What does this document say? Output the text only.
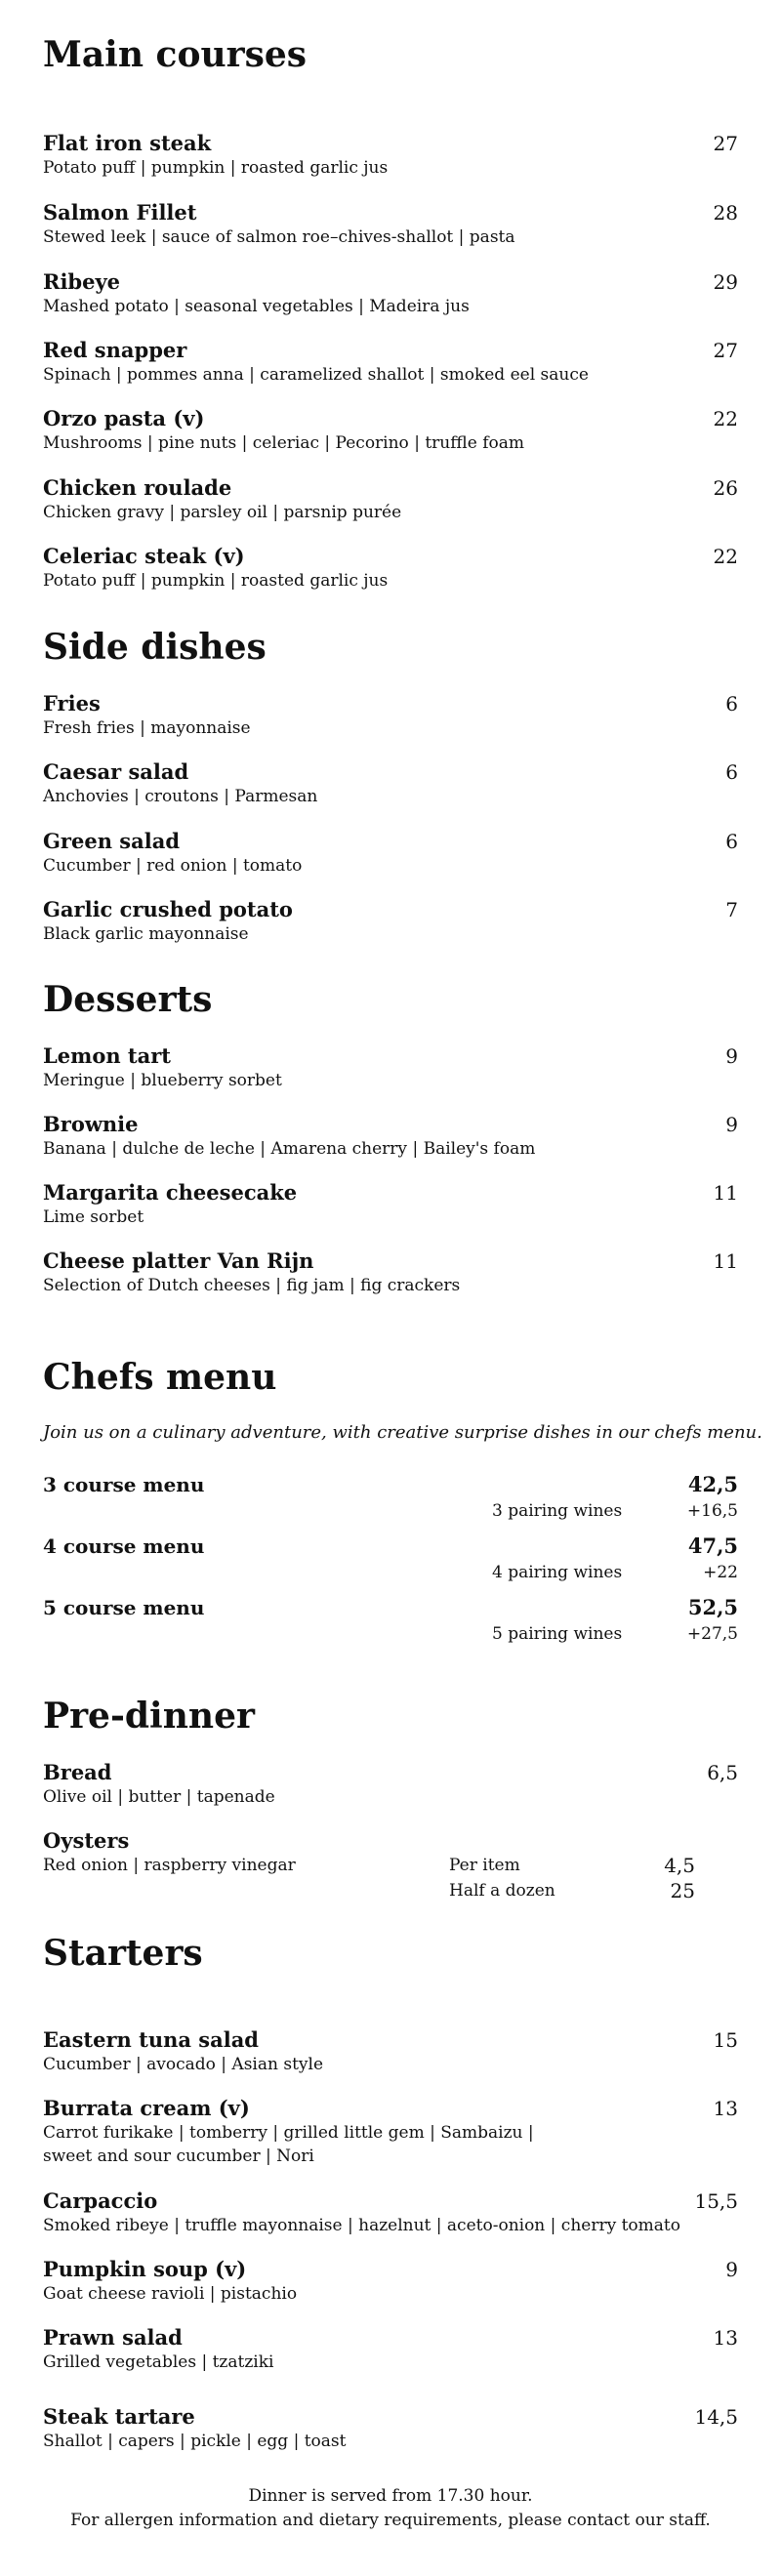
Main courses
Flat iron steak	27
Potato puff | pumpkin | roasted garlic jus
Salmon Fillet	28
Stewed leek | sauce of salmon roe–chives-shallot | pasta
Ribeye	29
Mashed potato | seasonal vegetables | Madeira jus
Red snapper	27
Spinach | pommes anna | caramelized shallot | smoked eel sauce
Orzo pasta (v)	22
Mushrooms | pine nuts | celeriac | Pecorino | truffle foam
Chicken roulade	26
Chicken gravy | parsley oil | parsnip purée
Celeriac steak (v)	22
Potato puff | pumpkin | roasted garlic jus
Side dishes
Fries	6
Fresh fries | mayonnaise
Caesar salad	6
Anchovies | croutons | Parmesan
Green salad	6
Cucumber | red onion | tomato
Garlic crushed potato	7
Black garlic mayonnaise
Desserts
Lemon tart	9
Meringue | blueberry sorbet
Brownie	9
Banana | dulche de leche | Amarena cherry | Bailey's foam
Margarita cheesecake	11
Lime sorbet
Cheese platter Van Rijn	11
Selection of Dutch cheeses | fig jam | fig crackers
Chefs menu
Join us on a culinary adventure, with creative surprise dishes in our chefs menu.
3 course menu	42,5
3 pairing wines	+16,5
4 course menu	47,5
4 pairing wines	+22
5 course menu	52,5
5 pairing wines	+27,5
Pre-dinner
Bread	6,5
Olive oil | butter | tapenade
Oysters
Red onion | raspberry vinegar	Per item	4,5
Half a dozen	25
Starters
Eastern tuna salad	15
Cucumber | avocado | Asian style
Burrata cream (v)	13
Carrot furikake | tomberry | grilled little gem | Sambaizu | sweet and sour cucumber | Nori
Carpaccio	15,5
Smoked ribeye | truffle mayonnaise | hazelnut | aceto-onion | cherry tomato
Pumpkin soup (v)	9
Goat cheese ravioli | pistachio
Prawn salad	13
Grilled vegetables | tzatziki
Steak tartare	14,5
Shallot | capers | pickle | egg | toast
Dinner is served from 17.30 hour.
For allergen information and dietary requirements, please contact our staff.
